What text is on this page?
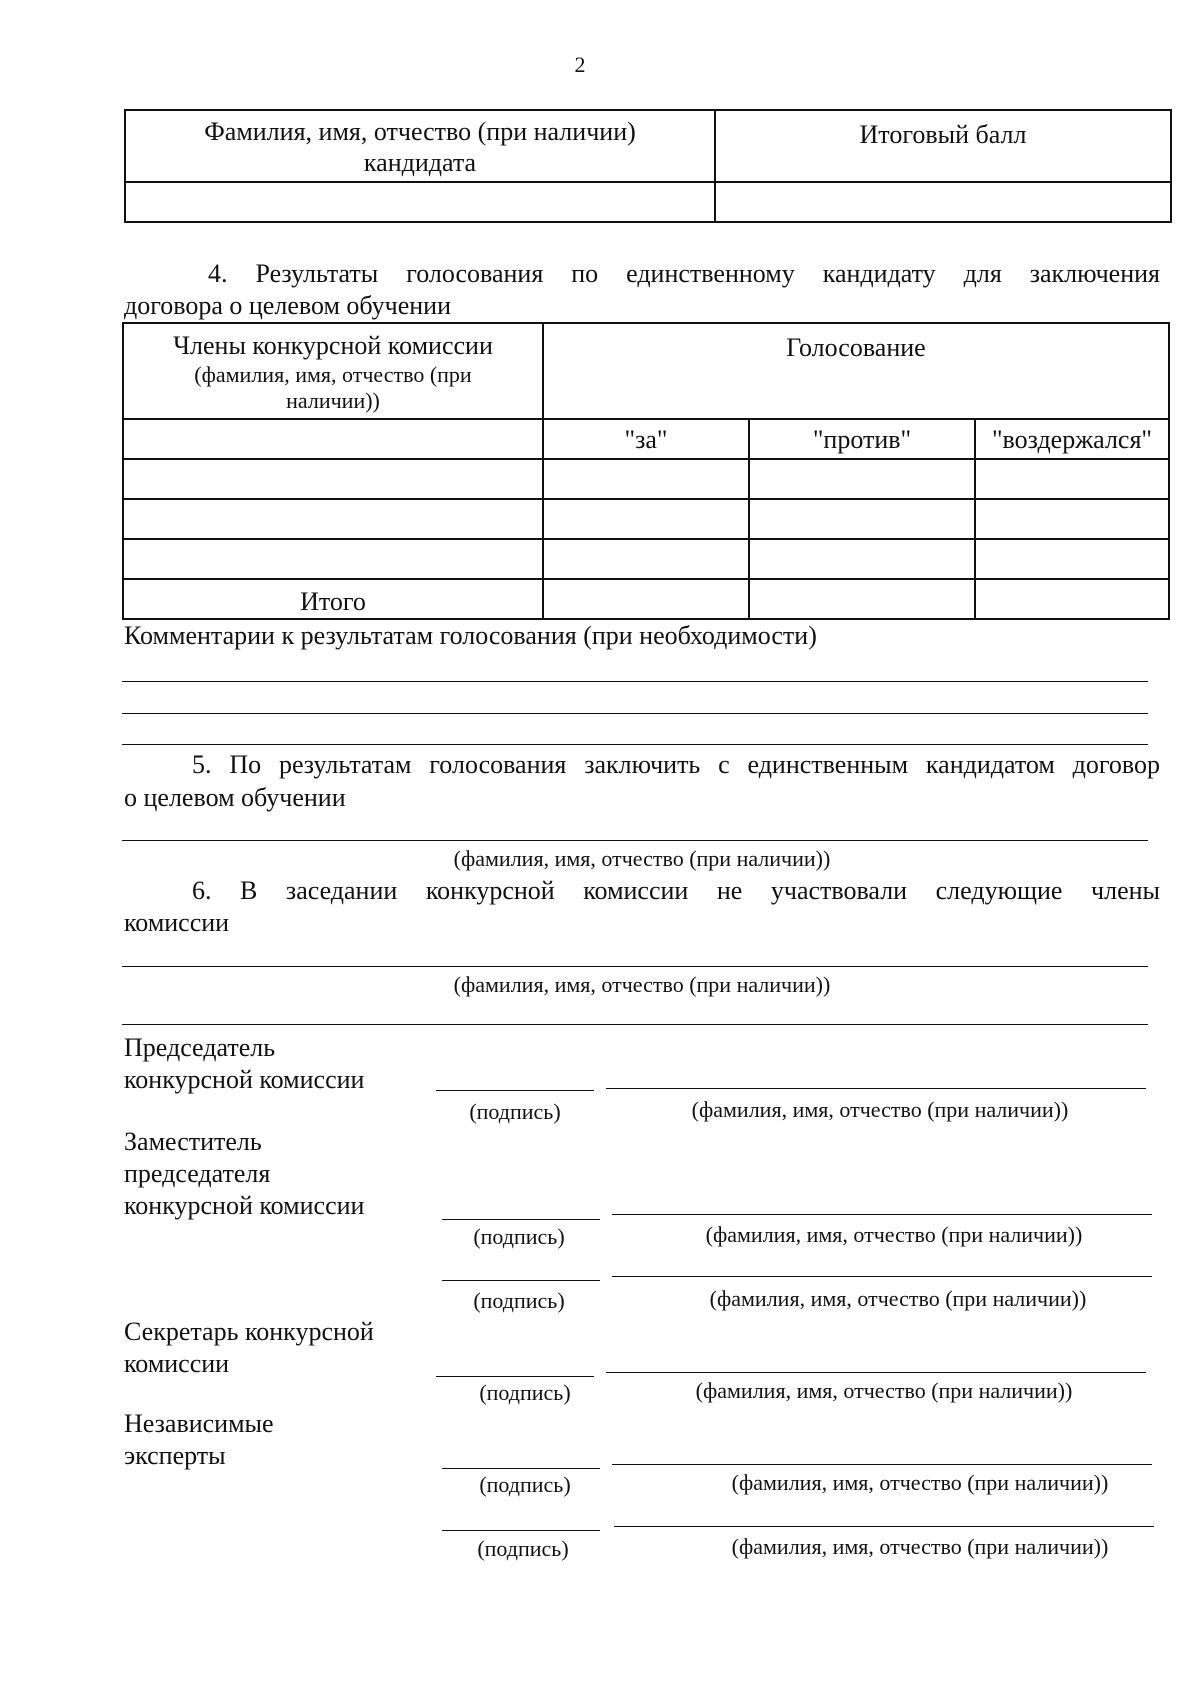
2
Фамилия, имя, отчество (при наличии) кандидата	Итоговый балл

4. Результаты голосования по единственному кандидату для заключения
договора о целевом обучении
Члены конкурсной комиссии
(фамилия, имя, отчество (при наличии))	Голосование		
	"за"	"против"	"воздержался"

Итого			
Комментарии к результатам голосования (при необходимости)
5. По результатам голосования заключить с единственным кандидатом договор
о целевом обучении
(фамилия, имя, отчество (при наличии))
6. В заседании конкурсной комиссии не участвовали следующие члены
комиссии
(фамилия, имя, отчество (при наличии))
Председатель
конкурсной комиссии
(подпись)	(фамилия, имя, отчество (при наличии))
Заместитель
председателя
конкурсной комиссии
(подпись)	(фамилия, имя, отчество (при наличии))
(подпись)	(фамилия, имя, отчество (при наличии))
Секретарь конкурсной
комиссии
(подпись)	(фамилия, имя, отчество (при наличии))
Независимые
эксперты
(подпись)	(фамилия, имя, отчество (при наличии))
(подпись)	(фамилия, имя, отчество (при наличии))
